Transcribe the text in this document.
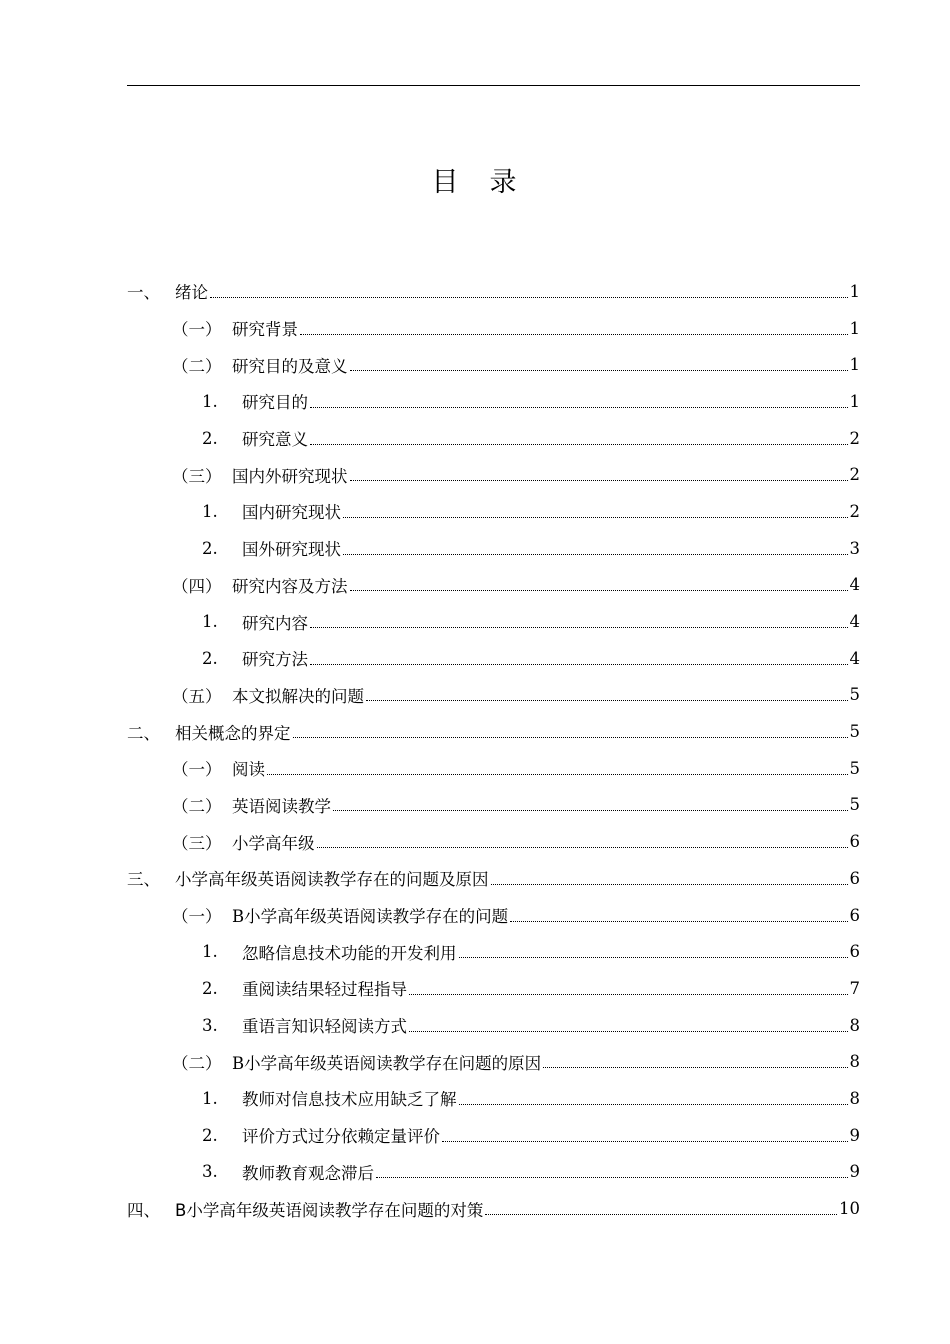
目　录
一、 绪论	1
（一） 研究背景	1
（二） 研究目的及意义	1
1.	研究目的	1
2.	研究意义	2
（三） 国内外研究现状	2
1.	国内研究现状	2
2.	国外研究现状	3
（四） 研究内容及方法	4
1.	研究内容	4
2.	研究方法	4
（五） 本文拟解决的问题	5
二、 相关概念的界定	5
（一） 阅读	5
（二） 英语阅读教学	5
（三） 小学高年级	6
三、 小学高年级英语阅读教学存在的问题及原因	6
（一） B小学高年级英语阅读教学存在的问题	6
1.	忽略信息技术功能的开发利用	6
2.	重阅读结果轻过程指导	7
3.	重语言知识轻阅读方式	8
（二） B小学高年级英语阅读教学存在问题的原因	8
1.	教师对信息技术应用缺乏了解	8
2.	评价方式过分依赖定量评价	9
3.	教师教育观念滞后	9
四、 B小学高年级英语阅读教学存在问题的对策	10
